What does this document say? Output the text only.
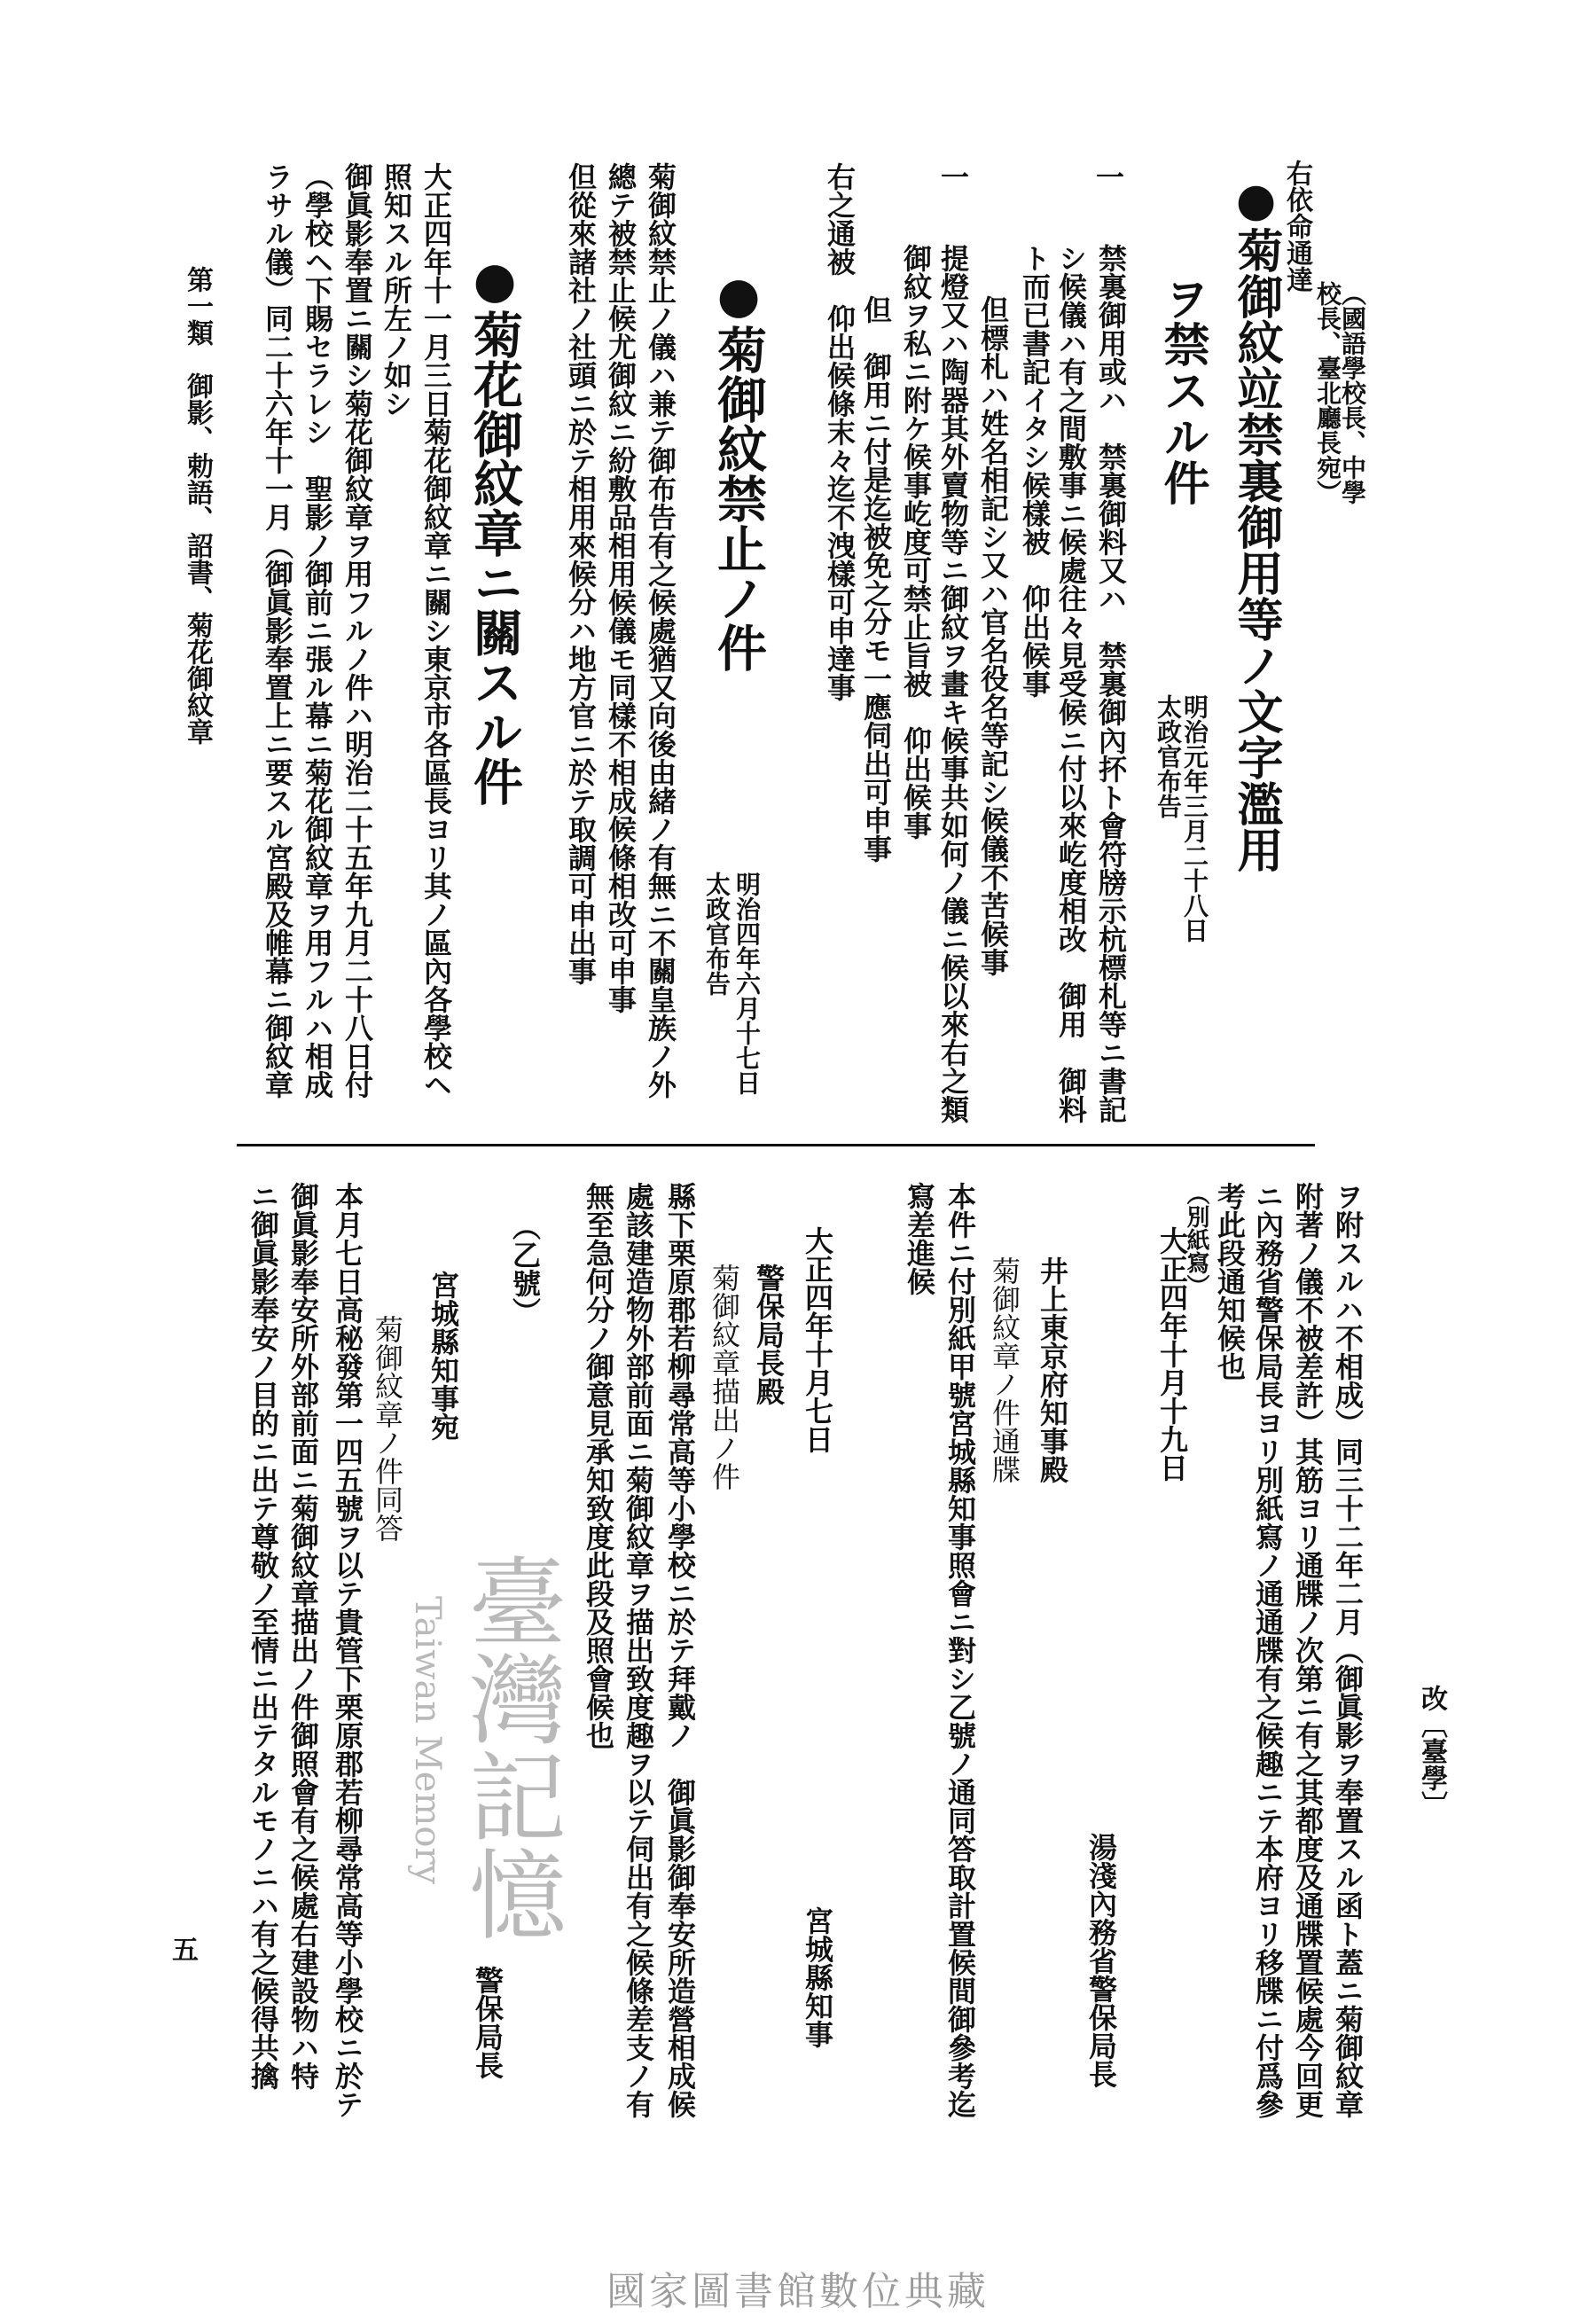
右依命通達
（國語學校長、中學
校長、臺北廳長宛）
●菊御紋竝禁裏御用等ノ文字濫用
ヲ禁スル件
明治元年三月二十八日
太政官布告
一
禁裏御用或ハ　禁裏御料又ハ　禁裏御內抔ト會符牓示杭標札等ニ書記
シ候儀ハ有之間敷事ニ候處往々見受候ニ付以來屹度相改　御用　御料
ト而已書記イタシ候樣被　仰出候事
但標札ハ姓名相記シ又ハ官名役名等記シ候儀不苦候事
一
提燈又ハ陶器其外賣物等ニ御紋ヲ畫キ候事共如何ノ儀ニ候以來右之類
御紋ヲ私ニ附ケ候事屹度可禁止旨被　仰出候事
但　御用ニ付是迄被免之分モ一應伺出可申事
右之通被　仰出候條末々迄不洩樣可申達事
●菊御紋禁止ノ件
明治四年六月十七日
太政官布告
菊御紋禁止ノ儀ハ兼テ御布告有之候處猶又向後由緒ノ有無ニ不關皇族ノ外
總テ被禁止候尤御紋ニ紛敷品相用候儀モ同樣不相成候條相改可申事
但從來諸社ノ社頭ニ於テ相用來候分ハ地方官ニ於テ取調可申出事
●菊花御紋章ニ關スル件
大正四年十一月三日菊花御紋章ニ關シ東京市各區長ヨリ其ノ區內各學校ヘ
照知スル所左ノ如シ
御眞影奉置ニ關シ菊花御紋章ヲ用フルノ件ハ明治二十五年九月二十八日付
（學校ヘ下賜セラレシ　聖影ノ御前ニ張ル幕ニ菊花御紋章ヲ用フルハ相成
ラサル儀）同二十六年十一月（御眞影奉置上ニ要スル宮殿及帷幕ニ御紋章
第一類　御影、勅語、詔書、菊花御紋章
改〔臺學〕
ヲ附スルハ不相成）同三十二年二月（御眞影ヲ奉置スル函ト蓋ニ菊御紋章
附著ノ儀不被差許）其筋ヨリ通牒ノ次第ニ有之其都度及通牒置候處今回更
ニ內務省警保局長ヨリ別紙寫ノ通通牒有之候趣ニテ本府ヨリ移牒ニ付爲參
考此段通知候也
（別紙寫）
大正四年十月十九日
湯淺內務省警保局長
井上東京府知事殿
菊御紋章ノ件通牒
本件ニ付別紙甲號宮城縣知事照會ニ對シ乙號ノ通同答取計置候間御參考迄
寫差進候
大正四年十月七日
宮城縣知事
警保局長殿
菊御紋章描出ノ件
縣下栗原郡若柳尋常高等小學校ニ於テ拜戴ノ　御眞影御奉安所造營相成候
處該建造物外部前面ニ菊御紋章ヲ描出致度趣ヲ以テ伺出有之候條差支ノ有
無至急何分ノ御意見承知致度此段及照會候也
（乙號）
警保局長
宮城縣知事宛
菊御紋章ノ件同答
本月七日高秘發第一四五號ヲ以テ貴管下栗原郡若柳尋常高等小學校ニ於テ
御眞影奉安所外部前面ニ菊御紋章描出ノ件御照會有之候處右建設物ハ特
ニ御眞影奉安ノ目的ニ出テ尊敬ノ至情ニ出テタルモノニハ有之候得共擒
五
臺灣記憶
Taiwan Memory
國家圖書館數位典藏
